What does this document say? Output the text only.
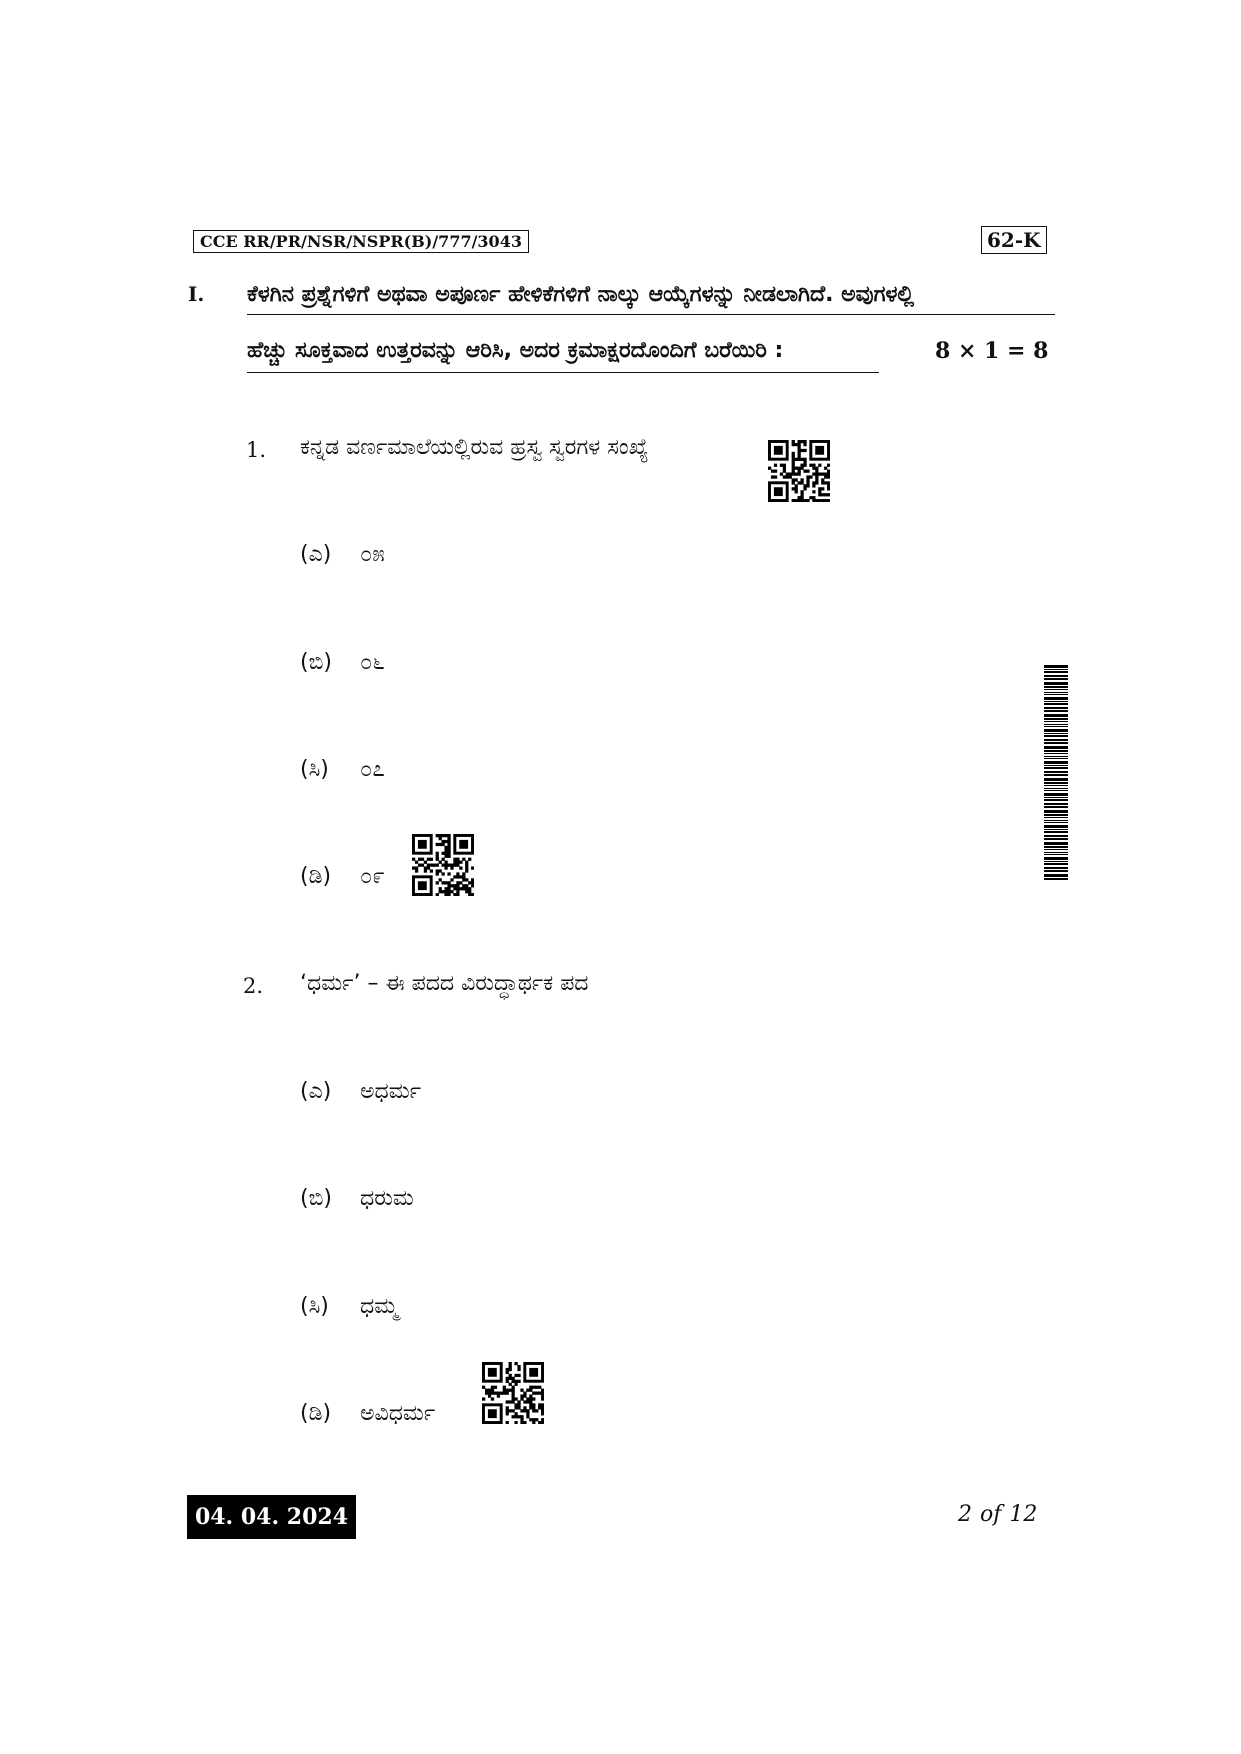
CCE RR/PR/NSR/NSPR(B)/777/3043	62-K
I. ಕೆಳಗಿನ ಪ್ರಶ್ನೆಗಳಿಗೆ ಅಥವಾ ಅಪೂರ್ಣ ಹೇಳಿಕೆಗಳಿಗೆ ನಾಲ್ಕು ಆಯ್ಕೆಗಳನ್ನು ನೀಡಲಾಗಿದೆ. ಅವುಗಳಲ್ಲಿ
ಹೆಚ್ಚು ಸೂಕ್ತವಾದ ಉತ್ತರವನ್ನು ಆರಿಸಿ, ಅದರ ಕ್ರಮಾಕ್ಷರದೊಂದಿಗೆ ಬರೆಯಿರಿ :	8 × 1 = 8
1. ಕನ್ನಡ ವರ್ಣಮಾಲೆಯಲ್ಲಿರುವ ಹ್ರಸ್ವ ಸ್ವರಗಳ ಸಂಖ್ಯೆ
(ಎ) ೦೫
(ಬಿ) ೦೬
(ಸಿ) ೦೭
(ಡಿ) ೦೯
2. ‘ಧರ್ಮ’ – ಈ ಪದದ ವಿರುದ್ಧಾರ್ಥಕ ಪದ
(ಎ) ಅಧರ್ಮ
(ಬಿ) ಧರುಮ
(ಸಿ) ಧಮ್ಮ
(ಡಿ) ಅವಿಧರ್ಮ
04. 04. 2024	2 of 12
